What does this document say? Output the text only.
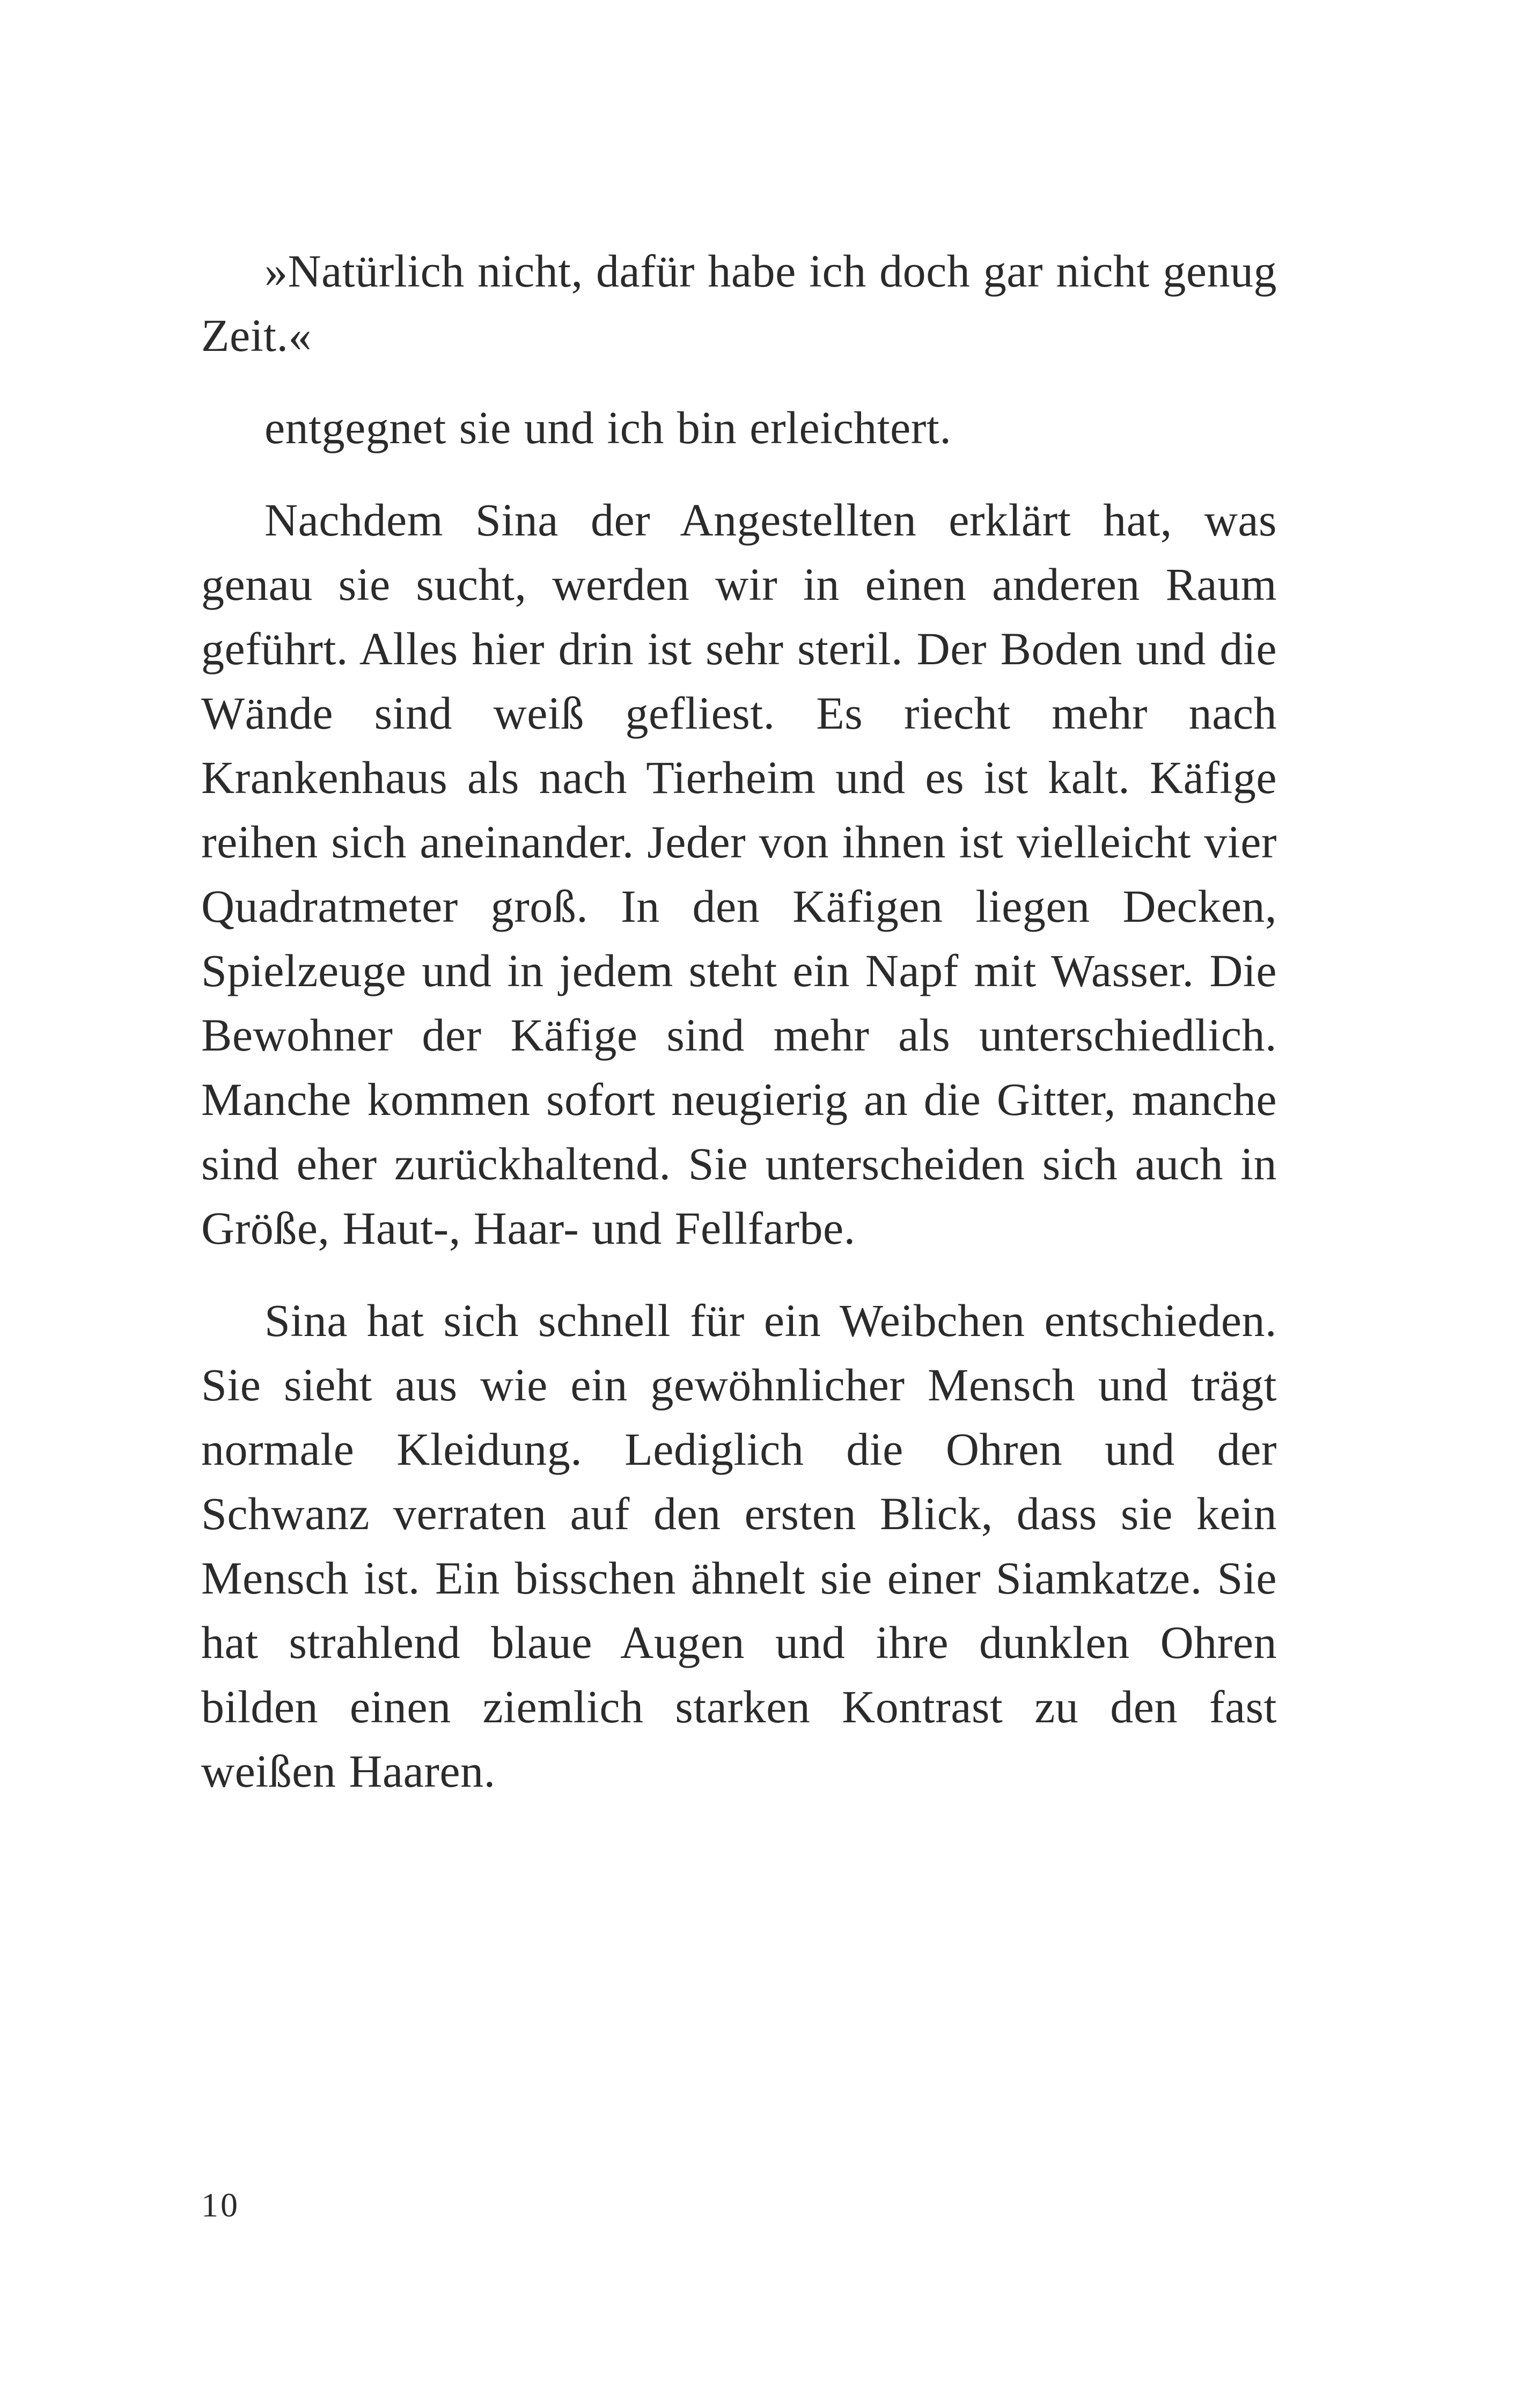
»Natürlich nicht, dafür habe ich doch gar nicht genug Zeit.«

entgegnet sie und ich bin erleichtert.

Nachdem Sina der Angestellten erklärt hat, was genau sie sucht, werden wir in einen anderen Raum geführt. Alles hier drin ist sehr steril. Der Boden und die Wände sind weiß gefliest. Es riecht mehr nach Krankenhaus als nach Tierheim und es ist kalt. Käfige reihen sich aneinander. Jeder von ihnen ist vielleicht vier Quadratmeter groß. In den Käfigen liegen Decken, Spielzeuge und in jedem steht ein Napf mit Wasser. Die Bewohner der Käfige sind mehr als unterschiedlich. Manche kommen sofort neugierig an die Gitter, manche sind eher zurückhaltend. Sie unterscheiden sich auch in Größe, Haut-, Haar- und Fellfarbe.

Sina hat sich schnell für ein Weibchen entschieden. Sie sieht aus wie ein gewöhnlicher Mensch und trägt normale Kleidung. Lediglich die Ohren und der Schwanz verraten auf den ersten Blick, dass sie kein Mensch ist. Ein bisschen ähnelt sie einer Siamkatze. Sie hat strahlend blaue Augen und ihre dunklen Ohren bilden einen ziemlich starken Kontrast zu den fast weißen Haaren.

10
